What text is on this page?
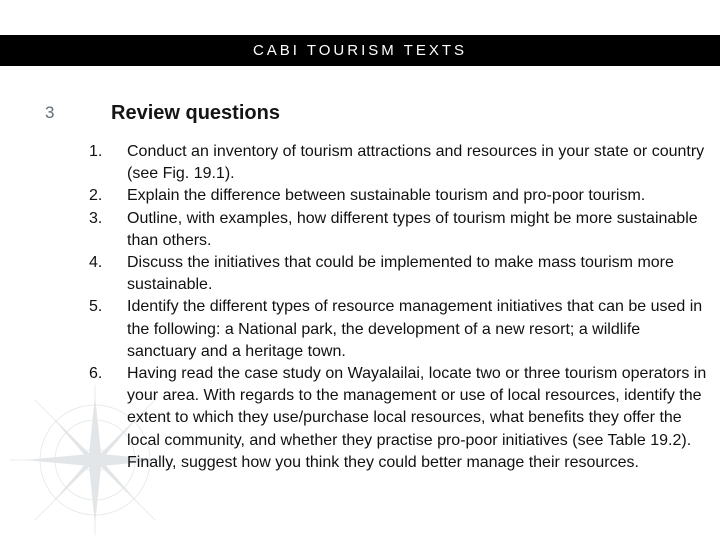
CABI TOURISM TEXTS
3	Review questions
1.	Conduct an inventory of tourism attractions and resources in your state or country (see Fig. 19.1).
2.	Explain the difference between sustainable tourism and pro-poor tourism.
3.	Outline, with examples, how different types of tourism might be more sustainable than others.
4.	Discuss the initiatives that could be implemented to make mass tourism more sustainable.
5.	Identify the different types of resource management initiatives that can be used in the following: a National park, the development of a new resort; a wildlife sanctuary and a heritage town.
6.	Having read the case study on Wayalailai, locate two or three tourism operators in your area. With regards to the management or use of local resources, identify the extent to which they use/purchase local resources, what benefits they offer the local community, and whether they practise pro-poor initiatives (see Table 19.2). Finally, suggest how you think they could better manage their resources.
